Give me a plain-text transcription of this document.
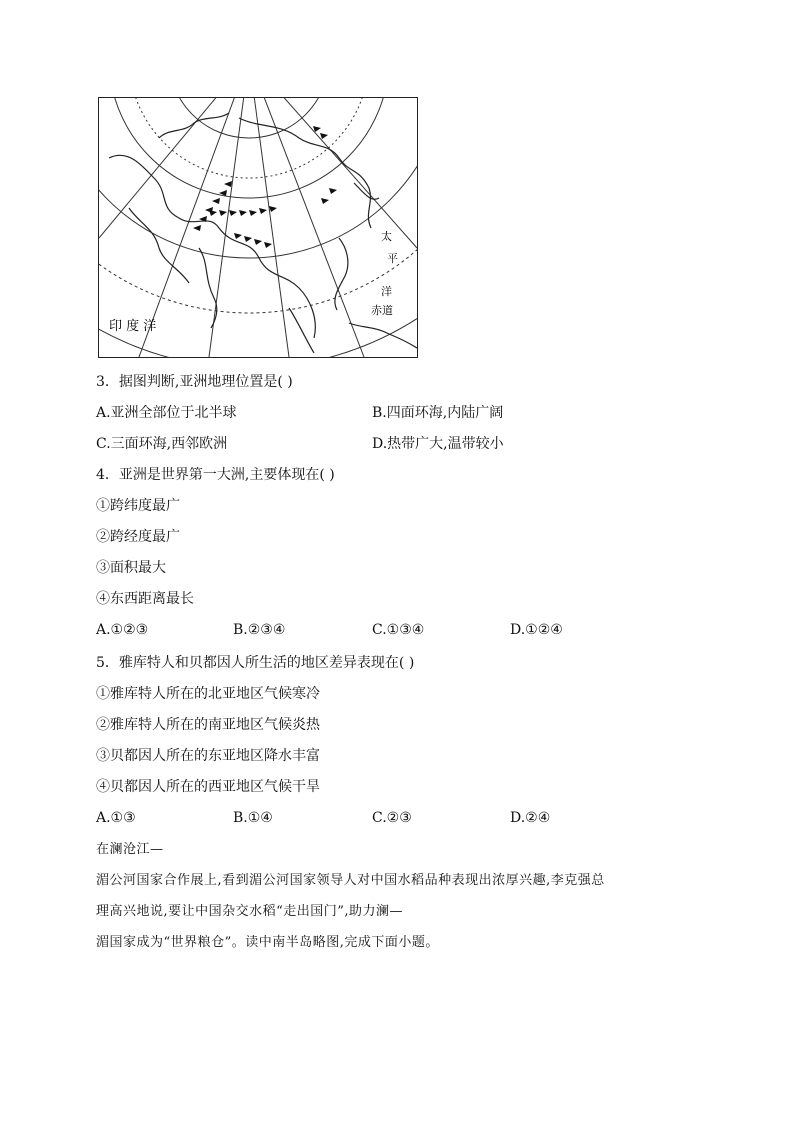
印 度 洋
太
平
洋
赤道
3．据图判断,亚洲地理位置是( )
A.亚洲全部位于北半球	B.四面环海,内陆广阔
C.三面环海,西邻欧洲	D.热带广大,温带较小
4．亚洲是世界第一大洲,主要体现在( )
①跨纬度最广
②跨经度最广
③面积最大
④东西距离最长
A.①②③	B.②③④	C.①③④	D.①②④
5．雅库特人和贝都因人所生活的地区差异表现在( )
①雅库特人所在的北亚地区气候寒冷
②雅库特人所在的南亚地区气候炎热
③贝都因人所在的东亚地区降水丰富
④贝都因人所在的西亚地区气候干旱
A.①③	B.①④	C.②③	D.②④
在澜沧江—
湄公河国家合作展上,看到湄公河国家领导人对中国水稻品种表现出浓厚兴趣,李克强总
理高兴地说,要让中国杂交水稻“走出国门”,助力澜—
湄国家成为“世界粮仓”。读中南半岛略图,完成下面小题。
